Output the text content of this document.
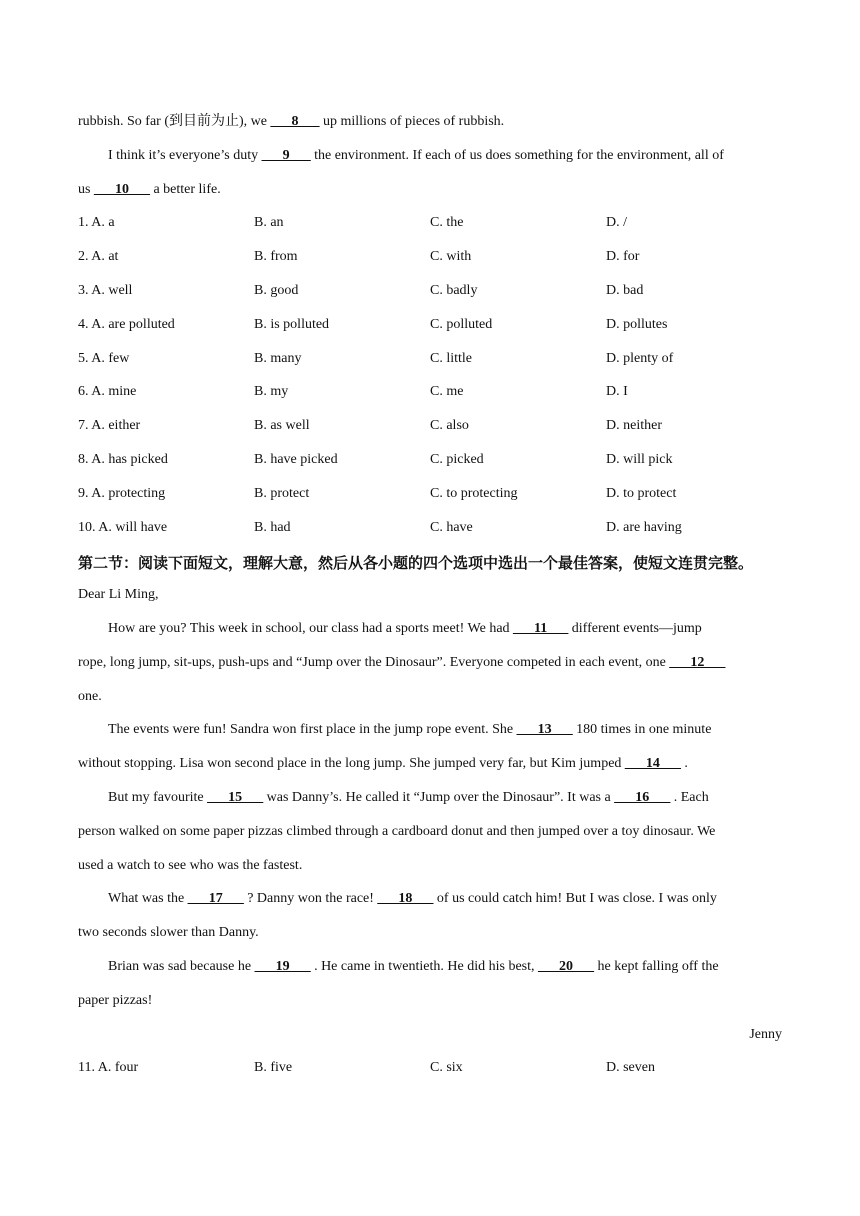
rubbish. So far (到目前为止), we ___8___ up millions of pieces of rubbish.
I think it’s everyone’s duty ___9___ the environment. If each of us does something for the environment, all of
us ___10___ a better life.
1. A. a	B. an	C. the	D. /
2. A. at	B. from	C. with	D. for
3. A. well	B. good	C. badly	D. bad
4. A. are polluted	B. is polluted	C. polluted	D. pollutes
5. A. few	B. many	C. little	D. plenty of
6. A. mine	B. my	C. me	D. I
7. A. either	B. as well	C. also	D. neither
8. A. has picked	B. have picked	C. picked	D. will pick
9. A. protecting	B. protect	C. to protecting	D. to protect
10. A. will have	B. had	C. have	D. are having
第二节：阅读下面短文，理解大意，然后从各小题的四个选项中选出一个最佳答案，使短文连贯完整。
Dear Li Ming,
How are you? This week in school, our class had a sports meet! We had ___11___ different events—jump
rope, long jump, sit-ups, push-ups and “Jump over the Dinosaur”. Everyone competed in each event, one ___12___
one.
The events were fun! Sandra won first place in the jump rope event. She ___13___ 180 times in one minute
without stopping. Lisa won second place in the long jump. She jumped very far, but Kim jumped ___14___ .
But my favourite ___15___ was Danny’s. He called it “Jump over the Dinosaur”. It was a ___16___ . Each
person walked on some paper pizzas climbed through a cardboard donut and then jumped over a toy dinosaur. We
used a watch to see who was the fastest.
What was the ___17___ ? Danny won the race! ___18___ of us could catch him! But I was close. I was only
two seconds slower than Danny.
Brian was sad because he ___19___ . He came in twentieth. He did his best, ___20___ he kept falling off the
paper pizzas!
Jenny
11. A. four	B. five	C. six	D. seven
